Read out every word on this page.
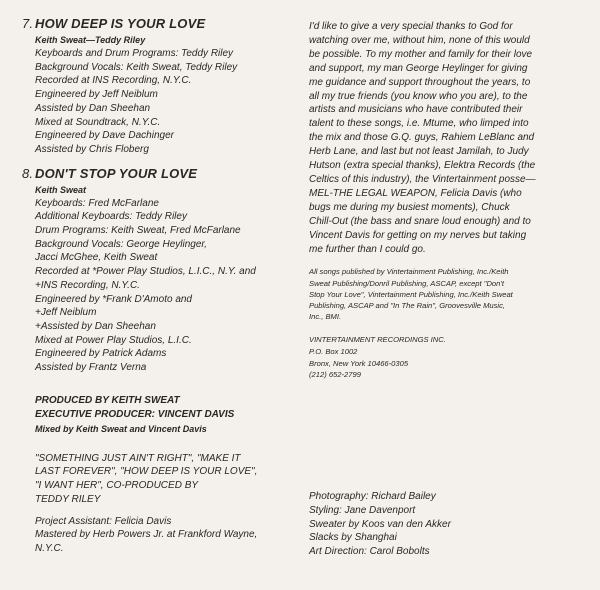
7. HOW DEEP IS YOUR LOVE
Keith Sweat—Teddy Riley
Keyboards and Drum Programs: Teddy Riley
Background Vocals: Keith Sweat, Teddy Riley
Recorded at INS Recording, N.Y.C.
Engineered by Jeff Neiblum
Assisted by Dan Sheehan
Mixed at Soundtrack, N.Y.C.
Engineered by Dave Dachinger
Assisted by Chris Floberg
8. DON'T STOP YOUR LOVE
Keith Sweat
Keyboards: Fred McFarlane
Additional Keyboards: Teddy Riley
Drum Programs: Keith Sweat, Fred McFarlane
Background Vocals: George Heylinger,
Jacci McGhee, Keith Sweat
Recorded at *Power Play Studios, L.I.C., N.Y. and
+INS Recording, N.Y.C.
Engineered by *Frank D'Amoto and
+Jeff Neiblum
+Assisted by Dan Sheehan
Mixed at Power Play Studios, L.I.C.
Engineered by Patrick Adams
Assisted by Frantz Verna
PRODUCED BY KEITH SWEAT
EXECUTIVE PRODUCER: VINCENT DAVIS
Mixed by Keith Sweat and Vincent Davis
"SOMETHING JUST AIN'T RIGHT", "MAKE IT
LAST FOREVER", "HOW DEEP IS YOUR LOVE",
"I WANT HER", CO-PRODUCED BY
TEDDY RILEY
Project Assistant: Felicia Davis
Mastered by Herb Powers Jr. at Frankford Wayne,
N.Y.C.
I'd like to give a very special thanks to God for
watching over me, without him, none of this would
be possible. To my mother and family for their love
and support, my man George Heylinger for giving
me guidance and support throughout the years, to
all my true friends (you know who you are), to the
artists and musicians who have contributed their
talent to these songs, i.e. Mtume, who limped into
the mix and those G.Q. guys, Rahiem LeBlanc and
Herb Lane, and last but not least Jamilah, to Judy
Hutson (extra special thanks), Elektra Records (the
Celtics of this industry), the Vintertainment posse—
MEL-THE LEGAL WEAPON, Felicia Davis (who
bugs me during my busiest moments), Chuck
Chill-Out (the bass and snare loud enough) and to
Vincent Davis for getting on my nerves but taking
me further than I could go.
All songs published by Vintertainment Publishing, Inc./Keith
Sweat Publishing/Donril Publishing, ASCAP, except "Don't
Stop Your Love", Vintertainment Publishing, Inc./Keith Sweat
Publishing, ASCAP and "In The Rain", Groovesville Music,
Inc., BMI.
VINTERTAINMENT RECORDINGS INC.
P.O. Box 1002
Bronx, New York 10466-0305
(212) 652-2799
Photography: Richard Bailey
Styling: Jane Davenport
Sweater by Koos van den Akker
Slacks by Shanghai
Art Direction: Carol Bobolts
